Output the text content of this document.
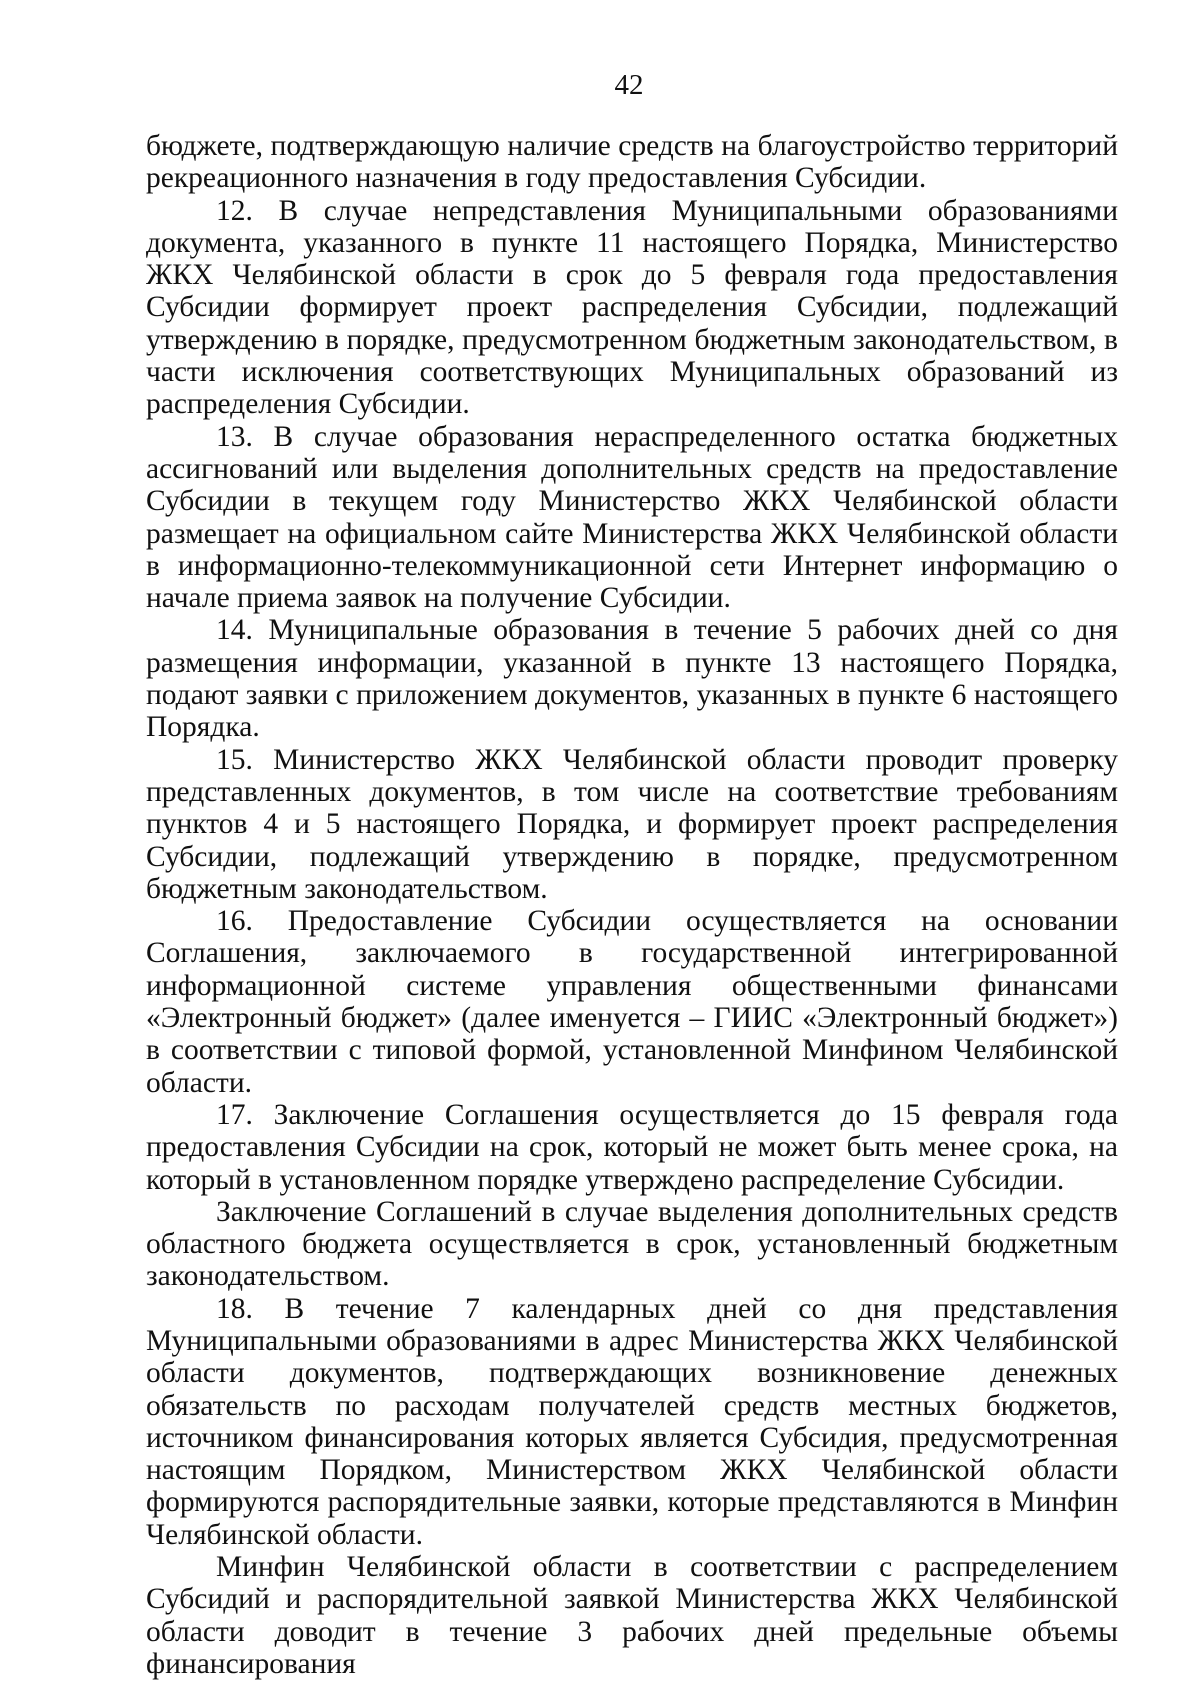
42

бюджете, подтверждающую наличие средств на благоустройство территорий рекреационного назначения в году предоставления Субсидии.

12. В случае непредставления Муниципальными образованиями документа, указанного в пункте 11 настоящего Порядка, Министерство ЖКХ Челябинской области в срок до 5 февраля года предоставления Субсидии формирует проект распределения Субсидии, подлежащий утверждению в порядке, предусмотренном бюджетным законодательством, в части исключения соответствующих Муниципальных образований из распределения Субсидии.

13. В случае образования нераспределенного остатка бюджетных ассигнований или выделения дополнительных средств на предоставление Субсидии в текущем году Министерство ЖКХ Челябинской области размещает на официальном сайте Министерства ЖКХ Челябинской области в информационно-телекоммуникационной сети Интернет информацию о начале приема заявок на получение Субсидии.

14. Муниципальные образования в течение 5 рабочих дней со дня размещения информации, указанной в пункте 13 настоящего Порядка, подают заявки с приложением документов, указанных в пункте 6 настоящего Порядка.

15. Министерство ЖКХ Челябинской области проводит проверку представленных документов, в том числе на соответствие требованиям пунктов 4 и 5 настоящего Порядка, и формирует проект распределения Субсидии, подлежащий утверждению в порядке, предусмотренном бюджетным законодательством.

16. Предоставление Субсидии осуществляется на основании Соглашения, заключаемого в государственной интегрированной информационной системе управления общественными финансами «Электронный бюджет» (далее именуется – ГИИС «Электронный бюджет») в соответствии с типовой формой, установленной Минфином Челябинской области.

17. Заключение Соглашения осуществляется до 15 февраля года предоставления Субсидии на срок, который не может быть менее срока, на который в установленном порядке утверждено распределение Субсидии.

Заключение Соглашений в случае выделения дополнительных средств областного бюджета осуществляется в срок, установленный бюджетным законодательством.

18. В течение 7 календарных дней со дня представления Муниципальными образованиями в адрес Министерства ЖКХ Челябинской области документов, подтверждающих возникновение денежных обязательств по расходам получателей средств местных бюджетов, источником финансирования которых является Субсидия, предусмотренная настоящим Порядком, Министерством ЖКХ Челябинской области формируются распорядительные заявки, которые представляются в Минфин Челябинской области.

Минфин Челябинской области в соответствии с распределением Субсидий и распорядительной заявкой Министерства ЖКХ Челябинской области доводит в течение 3 рабочих дней предельные объемы финансирования
